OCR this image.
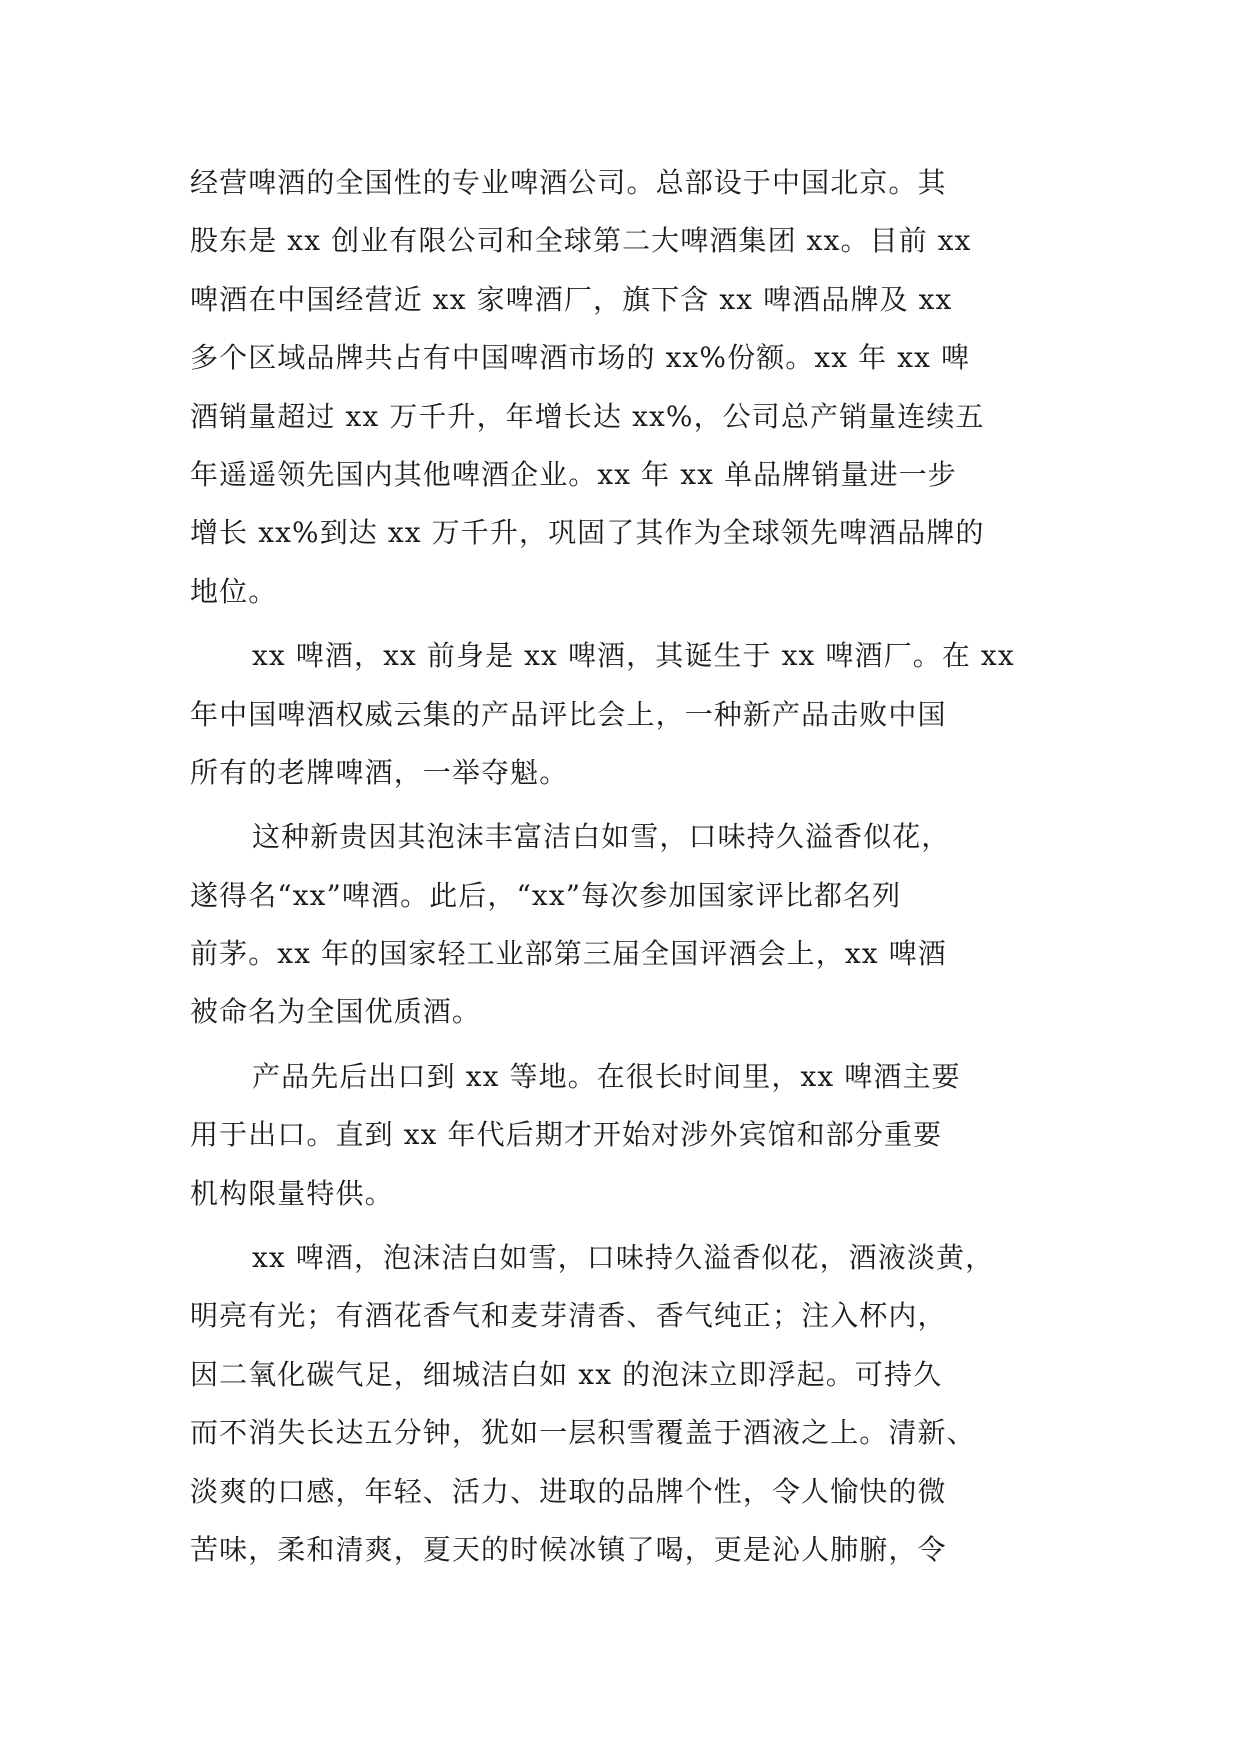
经营啤酒的全国性的专业啤酒公司。总部设于中国北京。其
股东是 xx 创业有限公司和全球第二大啤酒集团 xx。目前 xx
啤酒在中国经营近 xx 家啤酒厂，旗下含 xx 啤酒品牌及 xx
多个区域品牌共占有中国啤酒市场的 xx%份额。xx 年 xx 啤
酒销量超过 xx 万千升，年增长达 xx%，公司总产销量连续五
年遥遥领先国内其他啤酒企业。xx 年 xx 单品牌销量进一步
增长 xx%到达 xx 万千升，巩固了其作为全球领先啤酒品牌的
地位。
xx 啤酒，xx 前身是 xx 啤酒，其诞生于 xx 啤酒厂。在 xx
年中国啤酒权威云集的产品评比会上，一种新产品击败中国
所有的老牌啤酒，一举夺魁。
这种新贵因其泡沫丰富洁白如雪，口味持久溢香似花，
遂得名“xx”啤酒。此后，“xx”每次参加国家评比都名列
前茅。xx 年的国家轻工业部第三届全国评酒会上，xx 啤酒
被命名为全国优质酒。
产品先后出口到 xx 等地。在很长时间里，xx 啤酒主要
用于出口。直到 xx 年代后期才开始对涉外宾馆和部分重要
机构限量特供。
xx 啤酒，泡沫洁白如雪，口味持久溢香似花，酒液淡黄，
明亮有光；有酒花香气和麦芽清香、香气纯正；注入杯内，
因二氧化碳气足，细城洁白如 xx 的泡沫立即浮起。可持久
而不消失长达五分钟，犹如一层积雪覆盖于酒液之上。清新、
淡爽的口感，年轻、活力、进取的品牌个性，令人愉快的微
苦味，柔和清爽，夏天的时候冰镇了喝，更是沁人肺腑，令
